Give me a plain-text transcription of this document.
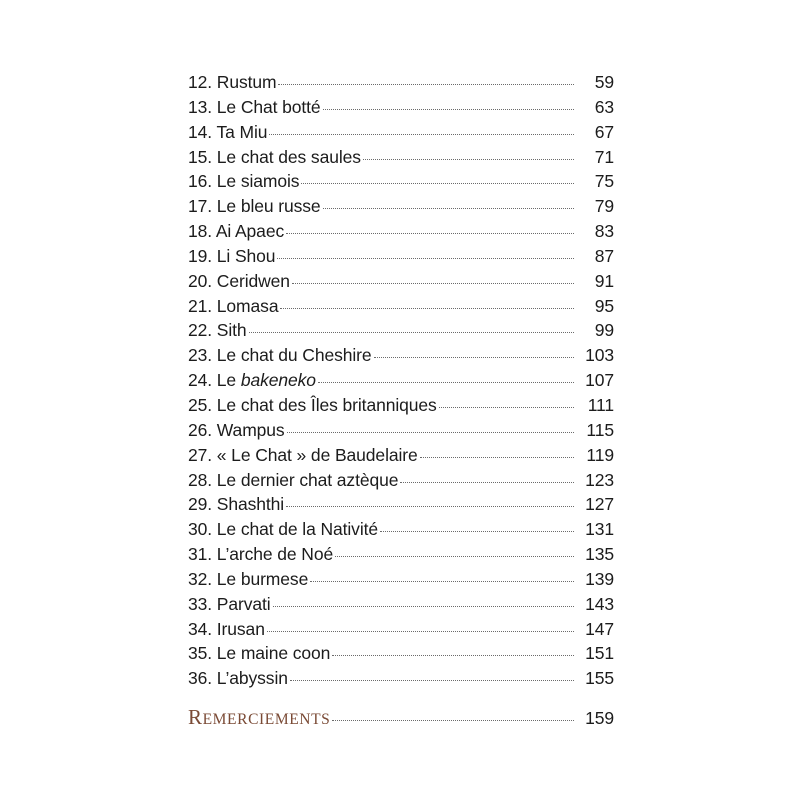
12. Rustum	59
13. Le Chat botté	63
14. Ta Miu	67
15. Le chat des saules	71
16. Le siamois	75
17. Le bleu russe	79
18. Ai Apaec	83
19. Li Shou	87
20. Ceridwen	91
21. Lomasa	95
22. Sith	99
23. Le chat du Cheshire	103
24. Le bakeneko	107
25. Le chat des Îles britanniques	111
26. Wampus	115
27. « Le Chat » de Baudelaire	119
28. Le dernier chat aztèque	123
29. Shashthi	127
30. Le chat de la Nativité	131
31. L’arche de Noé	135
32. Le burmese	139
33. Parvati	143
34. Irusan	147
35. Le maine coon	151
36. L’abyssin	155
REMERCIEMENTS	159
